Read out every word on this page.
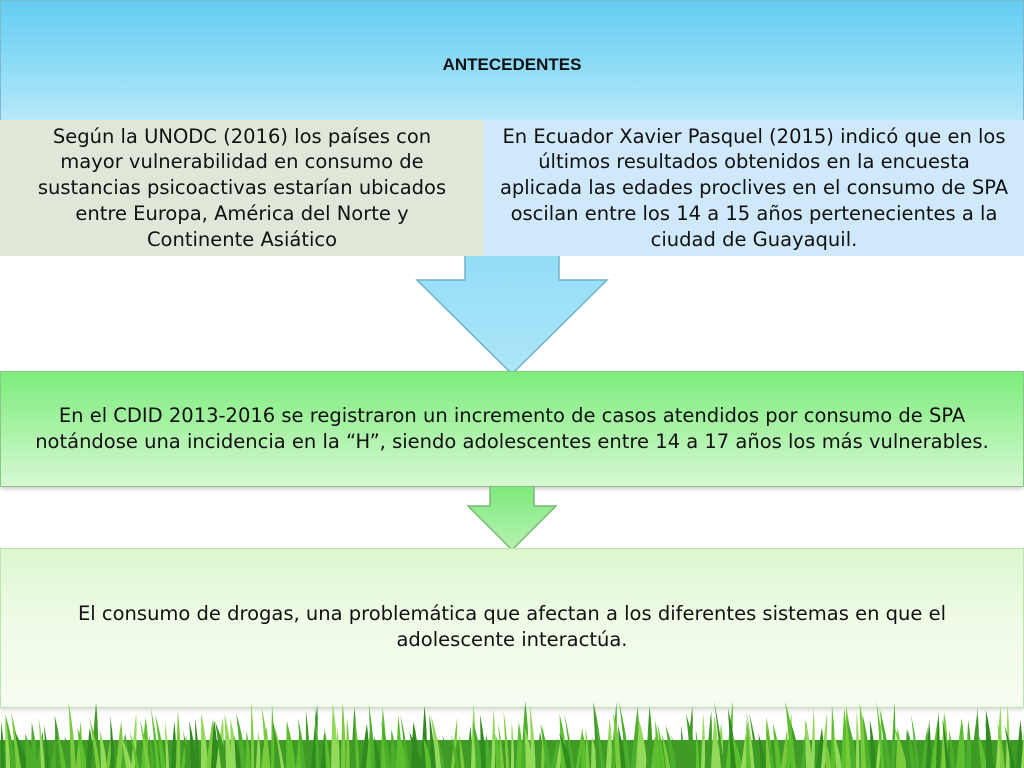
ANTECEDENTES
Según la UNODC (2016) los países con mayor vulnerabilidad en consumo de sustancias psicoactivas estarían ubicados entre Europa, América del Norte y Continente Asiático
En Ecuador Xavier Pasquel (2015) indicó que en los últimos resultados obtenidos en la encuesta aplicada las edades proclives en el consumo de SPA oscilan entre los 14 a 15 años pertenecientes a la ciudad de Guayaquil.
En el CDID 2013-2016 se registraron un incremento de casos atendidos por consumo de SPA notándose una incidencia en la “H”, siendo adolescentes entre 14 a 17 años los más vulnerables.
El consumo de drogas, una problemática que afectan a los diferentes sistemas en que el adolescente interactúa.
